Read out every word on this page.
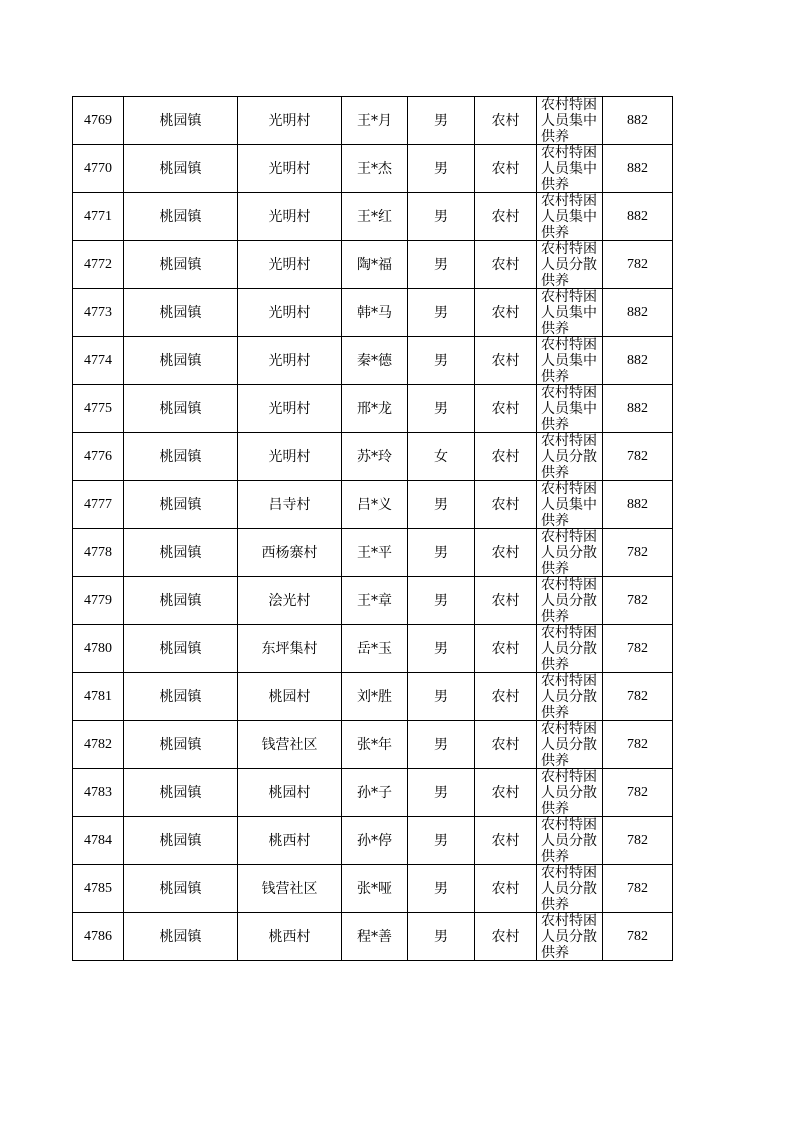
4769	桃园镇	光明村	王*月	男	农村	农村特困人员集中供养	882
4770	桃园镇	光明村	王*杰	男	农村	农村特困人员集中供养	882
4771	桃园镇	光明村	王*红	男	农村	农村特困人员集中供养	882
4772	桃园镇	光明村	陶*福	男	农村	农村特困人员分散供养	782
4773	桃园镇	光明村	韩*马	男	农村	农村特困人员集中供养	882
4774	桃园镇	光明村	秦*德	男	农村	农村特困人员集中供养	882
4775	桃园镇	光明村	邢*龙	男	农村	农村特困人员集中供养	882
4776	桃园镇	光明村	苏*玲	女	农村	农村特困人员分散供养	782
4777	桃园镇	吕寺村	吕*义	男	农村	农村特困人员集中供养	882
4778	桃园镇	西杨寨村	王*平	男	农村	农村特困人员分散供养	782
4779	桃园镇	浍光村	王*章	男	农村	农村特困人员分散供养	782
4780	桃园镇	东坪集村	岳*玉	男	农村	农村特困人员分散供养	782
4781	桃园镇	桃园村	刘*胜	男	农村	农村特困人员分散供养	782
4782	桃园镇	钱营社区	张*年	男	农村	农村特困人员分散供养	782
4783	桃园镇	桃园村	孙*子	男	农村	农村特困人员分散供养	782
4784	桃园镇	桃西村	孙*停	男	农村	农村特困人员分散供养	782
4785	桃园镇	钱营社区	张*哑	男	农村	农村特困人员分散供养	782
4786	桃园镇	桃西村	程*善	男	农村	农村特困人员分散供养	782
